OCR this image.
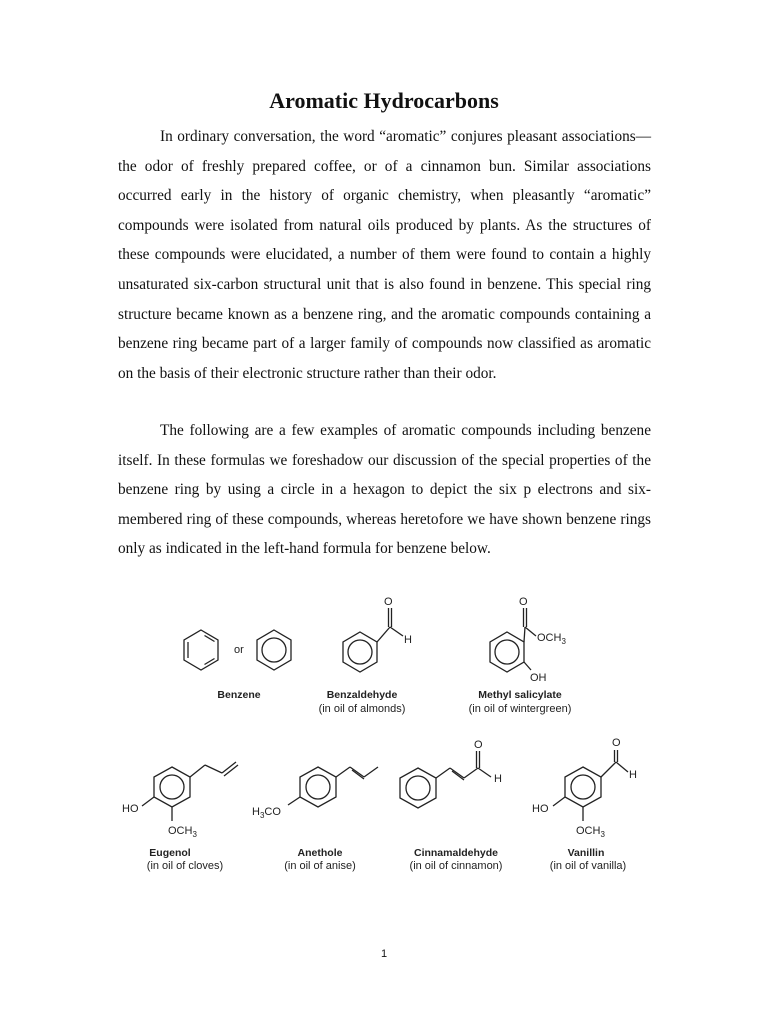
Aromatic Hydrocarbons

In ordinary conversation, the word “aromatic” conjures pleasant associations—the odor of freshly prepared coffee, or of a cinnamon bun. Similar associations occurred early in the history of organic chemistry, when pleasantly “aromatic” compounds were isolated from natural oils produced by plants. As the structures of these compounds were elucidated, a number of them were found to contain a highly unsaturated six-carbon structural unit that is also found in benzene. This special ring structure became known as a benzene ring, and the aromatic compounds containing a benzene ring became part of a larger family of compounds now classified as aromatic on the basis of their electronic structure rather than their odor.

The following are a few examples of aromatic compounds including benzene itself. In these formulas we foreshadow our discussion of the special properties of the benzene ring by using a circle in a hexagon to depict the six p electrons and six-membered ring of these compounds, whereas heretofore we have shown benzene rings only as indicated in the left-hand formula for benzene below.

or
Benzene
O
H
Benzaldehyde
(in oil of almonds)
O
$OCH_3$
OH
Methyl salicylate
(in oil of wintergreen)
HO
$OCH_3$
Eugenol
(in oil of cloves)
$H_3CO$
Anethole
(in oil of anise)
O
H
Cinnamaldehyde
(in oil of cinnamon)
O
H
HO
$OCH_3$
Vanillin
(in oil of vanilla)
1
